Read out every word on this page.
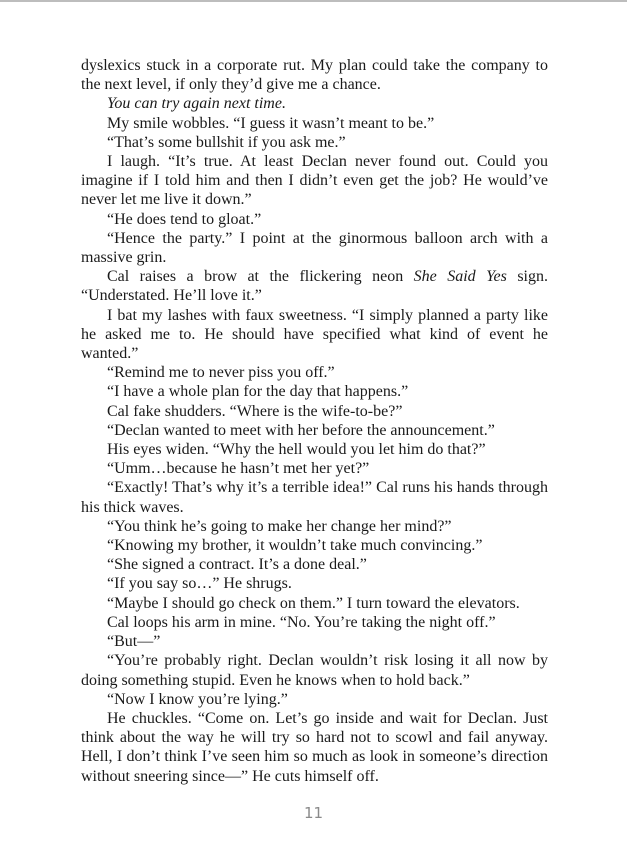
dyslexics stuck in a corporate rut. My plan could take the company to the next level, if only they’d give me a chance.

You can try again next time.

My smile wobbles. “I guess it wasn’t meant to be.”

“That’s some bullshit if you ask me.”

I laugh. “It’s true. At least Declan never found out. Could you imagine if I told him and then I didn’t even get the job? He would’ve never let me live it down.”

“He does tend to gloat.”

“Hence the party.” I point at the ginormous balloon arch with a massive grin.

Cal raises a brow at the flickering neon She Said Yes sign. “Understated. He’ll love it.”

I bat my lashes with faux sweetness. “I simply planned a party like he asked me to. He should have specified what kind of event he wanted.”

“Remind me to never piss you off.”

“I have a whole plan for the day that happens.”

Cal fake shudders. “Where is the wife-to-be?”

“Declan wanted to meet with her before the announcement.”

His eyes widen. “Why the hell would you let him do that?”

“Umm…because he hasn’t met her yet?”

“Exactly! That’s why it’s a terrible idea!” Cal runs his hands through his thick waves.

“You think he’s going to make her change her mind?”

“Knowing my brother, it wouldn’t take much convincing.”

“She signed a contract. It’s a done deal.”

“If you say so…” He shrugs.

“Maybe I should go check on them.” I turn toward the elevators.

Cal loops his arm in mine. “No. You’re taking the night off.”

“But—”

“You’re probably right. Declan wouldn’t risk losing it all now by doing something stupid. Even he knows when to hold back.”

“Now I know you’re lying.”

He chuckles. “Come on. Let’s go inside and wait for Declan. Just think about the way he will try so hard not to scowl and fail anyway. Hell, I don’t think I’ve seen him so much as look in someone’s direction without sneering since—” He cuts himself off.

11
